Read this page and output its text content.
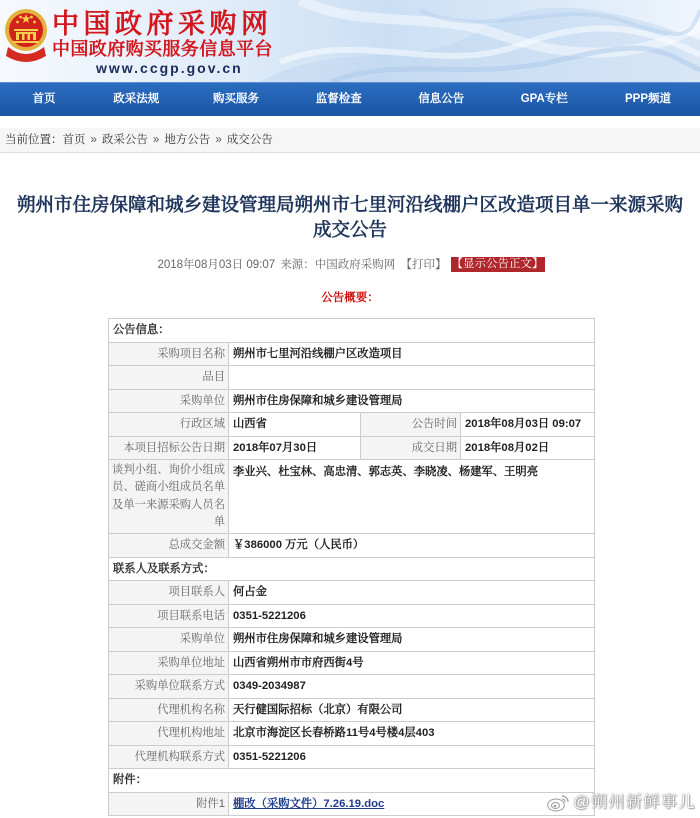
中国政府采购网
中国政府购买服务信息平台
www.ccgp.gov.cn
首页	政采法规	购买服务	监督检查	信息公告	GPA专栏	PPP频道
当前位置：首页 » 政采公告 » 地方公告 » 成交公告
朔州市住房保障和城乡建设管理局朔州市七里河沿线棚户区改造项目单一来源采购成交公告
2018年08月03日 09:07 来源：中国政府采购网 【打印】 【显示公告正文】
公告概要：
公告信息：			
采购项目名称	朔州市七里河沿线棚户区改造项目		
品目			
采购单位	朔州市住房保障和城乡建设管理局		
行政区域	山西省	公告时间	2018年08月03日 09:07
本项目招标公告日期	2018年07月30日	成交日期	2018年08月02日
谈判小组、询价小组成员、磋商小组成员名单及单一来源采购人员名单	李业兴、杜宝林、高忠清、郭志英、李晓凌、杨建军、王明亮		
总成交金额	￥386000 万元（人民币）		
联系人及联系方式：			
项目联系人	何占金		
项目联系电话	0351-5221206		
采购单位	朔州市住房保障和城乡建设管理局		
采购单位地址	山西省朔州市市府西街4号		
采购单位联系方式	0349-2034987		
代理机构名称	天行健国际招标（北京）有限公司		
代理机构地址	北京市海淀区长春桥路11号4号楼4层403		
代理机构联系方式	0351-5221206		
附件：			
附件1	棚改（采购文件）7.26.19.doc			@朔州新鲜事儿
